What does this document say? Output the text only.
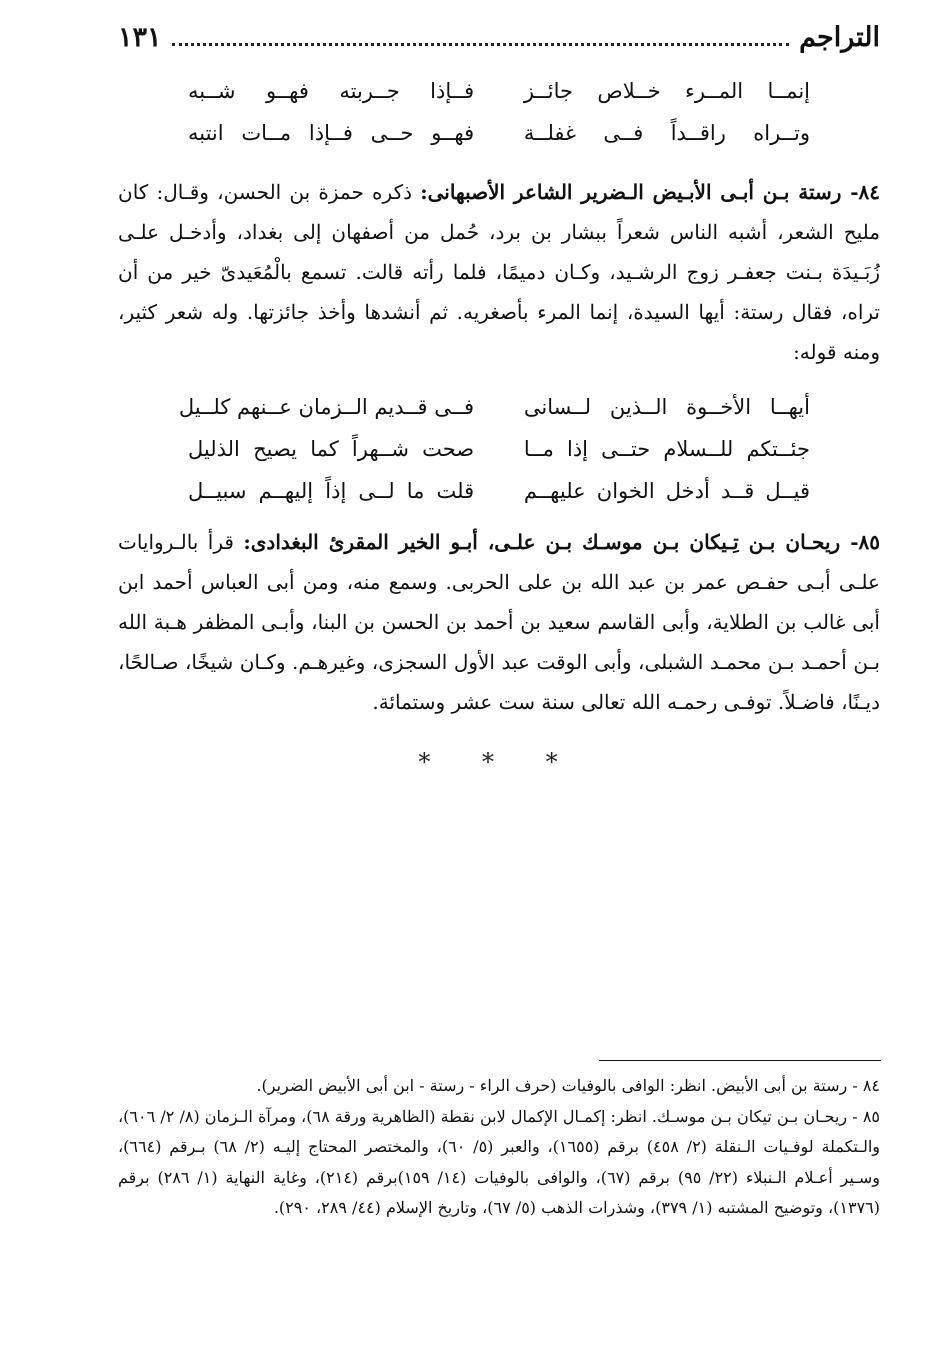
التراجم
١٣١
إنمــا المــرء خــلاص جائــز
فــإذا جــربته فهــو شــبه
وتــراه راقــداً فــى غفلــة
فهــو حــى فــإذا مــات انتبه

٨٤- رستة بـن أبـى الأبـيض الـضرير الشاعر الأصبهانى: ذكره حمزة بن الحسن، وقـال: كان مليح الشعر، أشبه الناس شعراً ببشار بن برد، حُمل من أصفهان إلى بغداد، وأدخـل علـى زُبَـيدَة بـنت جعفـر زوج الرشـيد، وكـان دميمًا، فلما رأته قالت. تسمع بالْمُعَيدىّ خير من أن تراه، فقال رستة: أيها السيدة، إنما المرء بأصغريه. ثم أنشدها وأخذ جائزتها. وله شعر كثير، ومنه قوله:

أيهــا الأخــوة الــذين لــسانى
فــى قــديم الــزمان عــنهم كلــيل
جئــتكم للــسلام حتــى إذا مــا
صحت شــهراً كما يصيح الذليل
قيــل قــد أدخل الخوان عليهــم
قلت ما لــى إذاً إليهــم سبيــل

٨٥- ريحـان بـن تِـيكان بـن موسـك بـن علـى، أبـو الخير المقرئ البغدادى: قرأ بالـروايات علـى أبـى حفـص عمر بن عبد الله بن على الحربى. وسمع منه، ومن أبى العباس أحمد ابن أبى غالب بن الطلاية، وأبى القاسم سعيد بن أحمد بن الحسن بن البنا، وأبـى المظفر هـبة الله بـن أحمـد بـن محمـد الشبلى، وأبى الوقت عبد الأول السجزى، وغيرهـم. وكـان شيخًا، صـالحًا، ديـنًا، فاضـلاً. توفـى رحمـه الله تعالى سنة ست عشر وستمائة.

* * *

٨٤ - رستة بن أبى الأبيض. انظر: الوافى بالوفيات (حرف الراء - رستة - ابن أبى الأبيض الضرير).

٨٥ - ريحـان بـن تيكان بـن موسـك. انظر: إكمـال الإكمال لابن نقطة (الظاهرية ورقة ٦٨)، ومرآة الـزمان (٨/ ٢/ ٦٠٦)، والـتكملة لوفـيات الـنقلة (٢/ ٤٥٨) برقم (١٦٥٥)، والعبر (٥/ ٦٠)، والمختصر المحتاج إليـه (٢/ ٦٨) بـرقم (٦٦٤)، وسـير أعـلام الـنبلاء (٢٢/ ٩٥) برقم (٦٧)، والوافى بالوفيات (١٤/ ١٥٩)برقم (٢١٤)، وغاية النهاية (١/ ٢٨٦) برقم (١٣٧٦)، وتوضيح المشتبه (١/ ٣٧٩)، وشذرات الذهب (٥/ ٦٧)، وتاريخ الإسلام (٤٤/ ٢٨٩، ٢٩٠).
